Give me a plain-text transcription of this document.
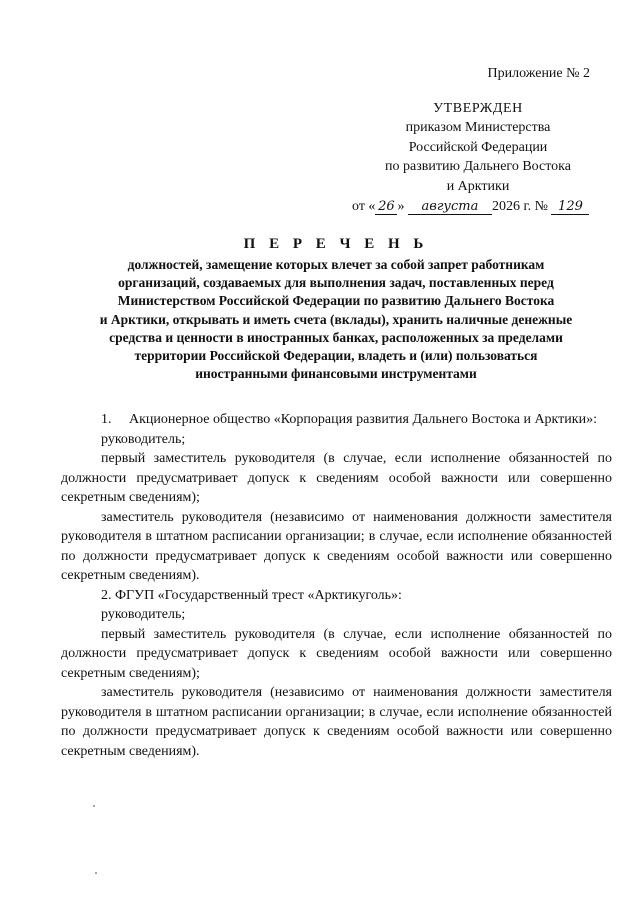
Приложение № 2
УТВЕРЖДЕН
приказом Министерства
Российской Федерации
по развитию Дальнего Востока
и Арктики
от « 26 » августа 2026 г. № 129
П Е Р Е Ч Е Н Ь
должностей, замещение которых влечет за собой запрет работникам
организаций, создаваемых для выполнения задач, поставленных перед
Министерством Российской Федерации по развитию Дальнего Востока
и Арктики, открывать и иметь счета (вклады), хранить наличные денежные
средства и ценности в иностранных банках, расположенных за пределами
территории Российской Федерации, владеть и (или) пользоваться
иностранными финансовыми инструментами

1.     Акционерное общество «Корпорация развития Дальнего Востока и Арктики»:

руководитель;

первый заместитель руководителя (в случае, если исполнение обязанностей по должности предусматривает допуск к сведениям особой важности или совершенно секретным сведениям);

заместитель руководителя (независимо от наименования должности заместителя руководителя в штатном расписании организации; в случае, если исполнение обязанностей по должности предусматривает допуск к сведениям особой важности или совершенно секретным сведениям).

2. ФГУП «Государственный трест «Арктикуголь»:

руководитель;

первый заместитель руководителя (в случае, если исполнение обязанностей по должности предусматривает допуск к сведениям особой важности или совершенно секретным сведениям);

заместитель руководителя (независимо от наименования должности заместителя руководителя в штатном расписании организации; в случае, если исполнение обязанностей по должности предусматривает допуск к сведениям особой важности или совершенно секретным сведениям).
